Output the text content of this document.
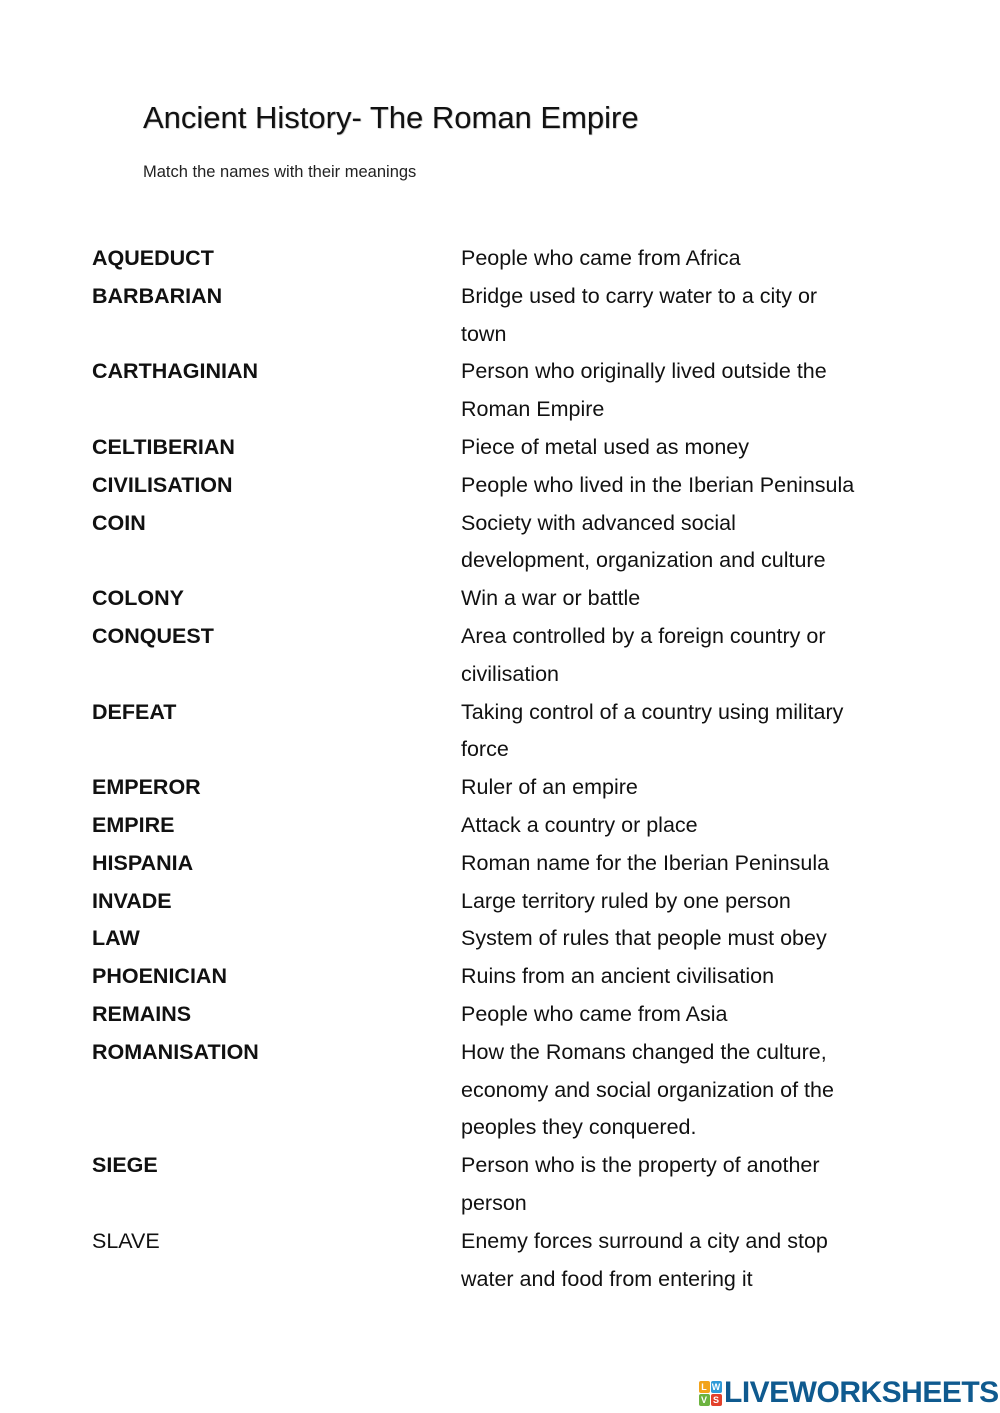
Ancient History- The Roman Empire

Match the names with their meanings

AQUEDUCT	People who came from Africa
BARBARIAN	Bridge used to carry water to a city or
town
CARTHAGINIAN	Person who originally lived outside the
Roman Empire
CELTIBERIAN	Piece of metal used as money
CIVILISATION	People who lived in the Iberian Peninsula
COIN	Society with advanced social
development, organization and culture
COLONY	Win a war or battle
CONQUEST	Area controlled by a foreign country or
civilisation
DEFEAT	Taking control of a country using military
force
EMPEROR	Ruler of an empire
EMPIRE	Attack a country or place
HISPANIA	Roman name for the Iberian Peninsula
INVADE	Large territory ruled by one person
LAW	System of rules that people must obey
PHOENICIAN	Ruins from an ancient civilisation
REMAINS	People who came from Asia
ROMANISATION	How the Romans changed the culture,
economy and social organization of the
peoples they conquered.
SIEGE	Person who is the property of another
person
SLAVE	Enemy forces surround a city and stop
water and food from entering it
L W
V S LIVEWORKSHEETS
